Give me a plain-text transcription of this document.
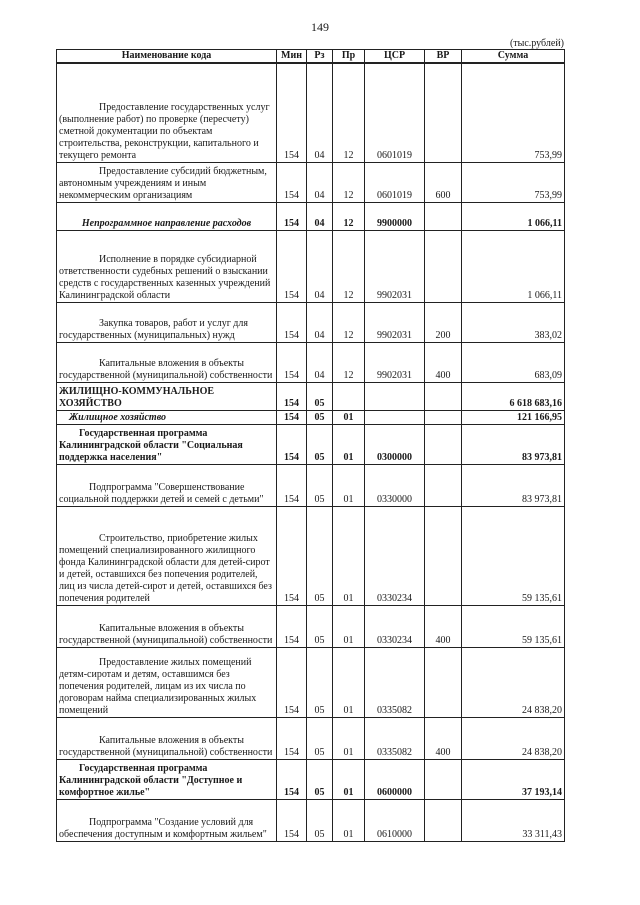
149
(тыс.рублей)
Наименование кода	Мин	Рз	Пр	ЦСР	ВР	Сумма

Предоставление государственных услуг (выполнение работ) по проверке (пересчету) сметной документации по объектам строительства, реконструкции, капитального и текущего ремонта	154	04	12	0601019		753,99

Предоставление субсидий бюджетным, автономным учреждениям и иным некоммерческим организациям	154	04	12	0601019	600	753,99

Непрограммное направление расходов	154	04	12	9900000		1 066,11

Исполнение в порядке субсидиарной ответственности судебных решений о взыскании средств с государственных казенных учреждений Калининградской области	154	04	12	9902031		1 066,11

Закупка товаров, работ и услуг для государственных (муниципальных) нужд	154	04	12	9902031	200	383,02

Капитальные вложения в объекты государственной (муниципальной) собственности	154	04	12	9902031	400	683,09

ЖИЛИЩНО-КОММУНАЛЬНОЕ ХОЗЯЙСТВО	154	05				6 618 683,16

Жилищное хозяйство	154	05	01			121 166,95

Государственная программа Калининградской области "Социальная поддержка населения"	154	05	01	0300000		83 973,81

Подпрограмма "Совершенствование социальной поддержки детей и семей с детьми"	154	05	01	0330000		83 973,81

Строительство, приобретение жилых помещений специализированного жилищного фонда Калининградской области для детей-сирот и детей, оставшихся без попечения родителей, лиц из числа детей-сирот и детей, оставшихся без попечения родителей	154	05	01	0330234		59 135,61

Капитальные вложения в объекты государственной (муниципальной) собственности	154	05	01	0330234	400	59 135,61

Предоставление жилых помещений детям-сиротам и детям, оставшимся без попечения родителей, лицам из их числа по договорам найма специализированных жилых помещений	154	05	01	0335082		24 838,20

Капитальные вложения в объекты государственной (муниципальной) собственности	154	05	01	0335082	400	24 838,20

Государственная программа Калининградской области "Доступное и комфортное жилье"	154	05	01	0600000		37 193,14

Подпрограмма "Создание условий для обеспечения доступным и комфортным жильем"	154	05	01	0610000		33 311,43
